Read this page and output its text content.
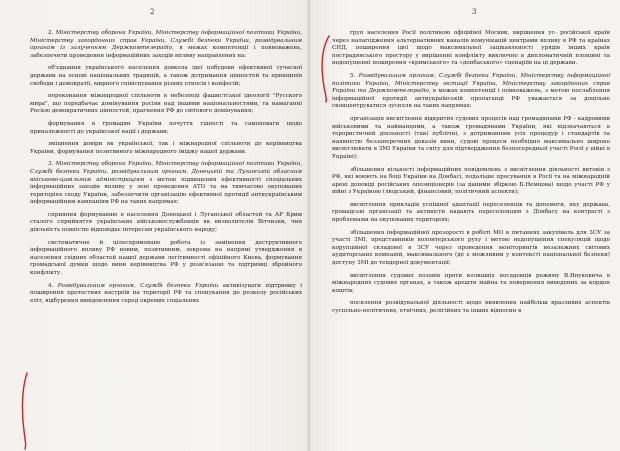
2

2. Міністерству оборони України, Міністерству інформаційної політики України, Міністерству закордонних справ України, Службі безпеки України, розвідувальним органам із залученням Держкомтелерадіо, в межах компетенції і повноважень, забезпечити проведення інформаційних заходів впливу направлених на:

об'єднання українського населення довкола ідеї побудови ефективної сучасної держави на основі національних традицій, а також дотримання цінностей та принципів свободи і демократії, мирного співіснування різних етносів і конфесій;

переконання міжнародної спільноти в небезпеці фашистської ідеології "Русского мира", що передбачає домінування росіян над іншими національностями, та намаганні Росією демократичних цінностей, прагнення РФ до світового домінування;

формування в громадян України почуття гідності та самоповаги щодо приналежності до української нації і держави;

зміцнення довіри як української, так і міжнародної спільноти до керівництва України, формування позитивного міжнародного іміджу нашої держави.

3. Міністерству оборони України, Міністерству інформаційної політики України, Службі безпеки України, розвідувальним органам, Донецькій та Луганській обласним військово-цивільним адміністраціям з метою підвищення ефективності спеціальних інформаційних заходів впливу у зоні проведення АТО та на тимчасово окупованих територіях сходу України, забезпечити організацію ефективної протидії антиукраїнським інформаційним кампаніям РФ на таких напрямах:

сприяння формуванню в населення Донецької і Луганської областей та АР Крим сталого сприйняття українських військовослужбовців як визволителів Вітчизни, чия діяльність повністю відповідає інтересам українського народу;

систематичне й цілеспрямоване робота із замінення деструктивного інформаційного впливу РФ новим, позитивним, зокрема на напрямі утвердження в населення східних областей нашої держави легітимності офіційного Києва, формування громадської думки щодо вини керівництва РФ у розв'язанні та підтримці збройного конфлікту.

4. Розвідувальним органам, Службі безпеки України активізувати підтримку і поширення протестних настроїв на території РФ та спонукання до розколу російських еліт, відбурення вивідовлення серед окремих соціальних

3

груп населення Росії політикою офіційної Москви, вирішення ус- російської країн через налагодження альтернативних каналів комунікацій центрами впливу в РФ та країнах СНД, поширення ідеї щодо максимальної зацікавленості урядів інших країн пострадянського простору у вирішенні конфлікту виключно в дипломатичній площині та недопущенні поширення «кримського» та «донбаського» сценаріїв на ці держави.

5. Розвідувальним органам, Службі безпеки України, Міністерству інформаційної політики України, Міністерству юстиції України, Міністерству закордонних справ України та Держкомтелерадіо, в межах компетенції і повноважень, з метою послаблення інформаційної протидії антиукраїнській пропаганді РФ уважається за доцільне сконцентруватися зусилля на таких напрямах:

організація висвітлення відкритих судових процесів над громадянами РФ - кадровими військовими та найманцями, а також громадянами України, які відзначаються в терористичній діяльності (такі публічні, з дотриманням усіх процедур і стандартів та наявністю беззаперечних доказів вини, судові процеси необхідно максимально широко висвітлювати в ЗМІ України та світу для підтвердження безпосередньої участі Росії у війні в Україні);

збільшення кількості інформаційних повідомлень з висвітлення діяльності витоків з РФ, які воюють на боці України на Донбасі, подальше просування в Росії та на міжнародній арені доповіді російських опозиціонерів (за даними збіркою Б.Немцова) щодо участі РФ у війні з Україною (людський, фінансовий, політичний аспекти);

висвітлення прикладів успішної адаптації переселенців та допомоги, яку держава, громадські організації та активісти надають переселенцям з Донбасу на контрасті з проблемами на окупованих територіях;

збільшення інформаційної прозорості в роботі МО в питаннях закупівель для ЗСУ за участі ЗМІ, представників волонтерського руху і метою недопущення спекуляцій щодо корупційної складової в ЗСУ через проведення моніторингів незалежних світових аудиторських компаній, максимального (де є можливим у контексті національної безпеки) доступу ЗМІ до тендерної документації;

висвітлення судових позовів проти колишніх посадовців режиму В.Януковича в міжнародних судових органах, а також арешти майна та повернення виведених за кордон коштів;

посилення розвідувальної діяльності щодо виявлення найбільш вразливих аспектів суспільно-політичних, етнічних, релігійних та інших відносин в
